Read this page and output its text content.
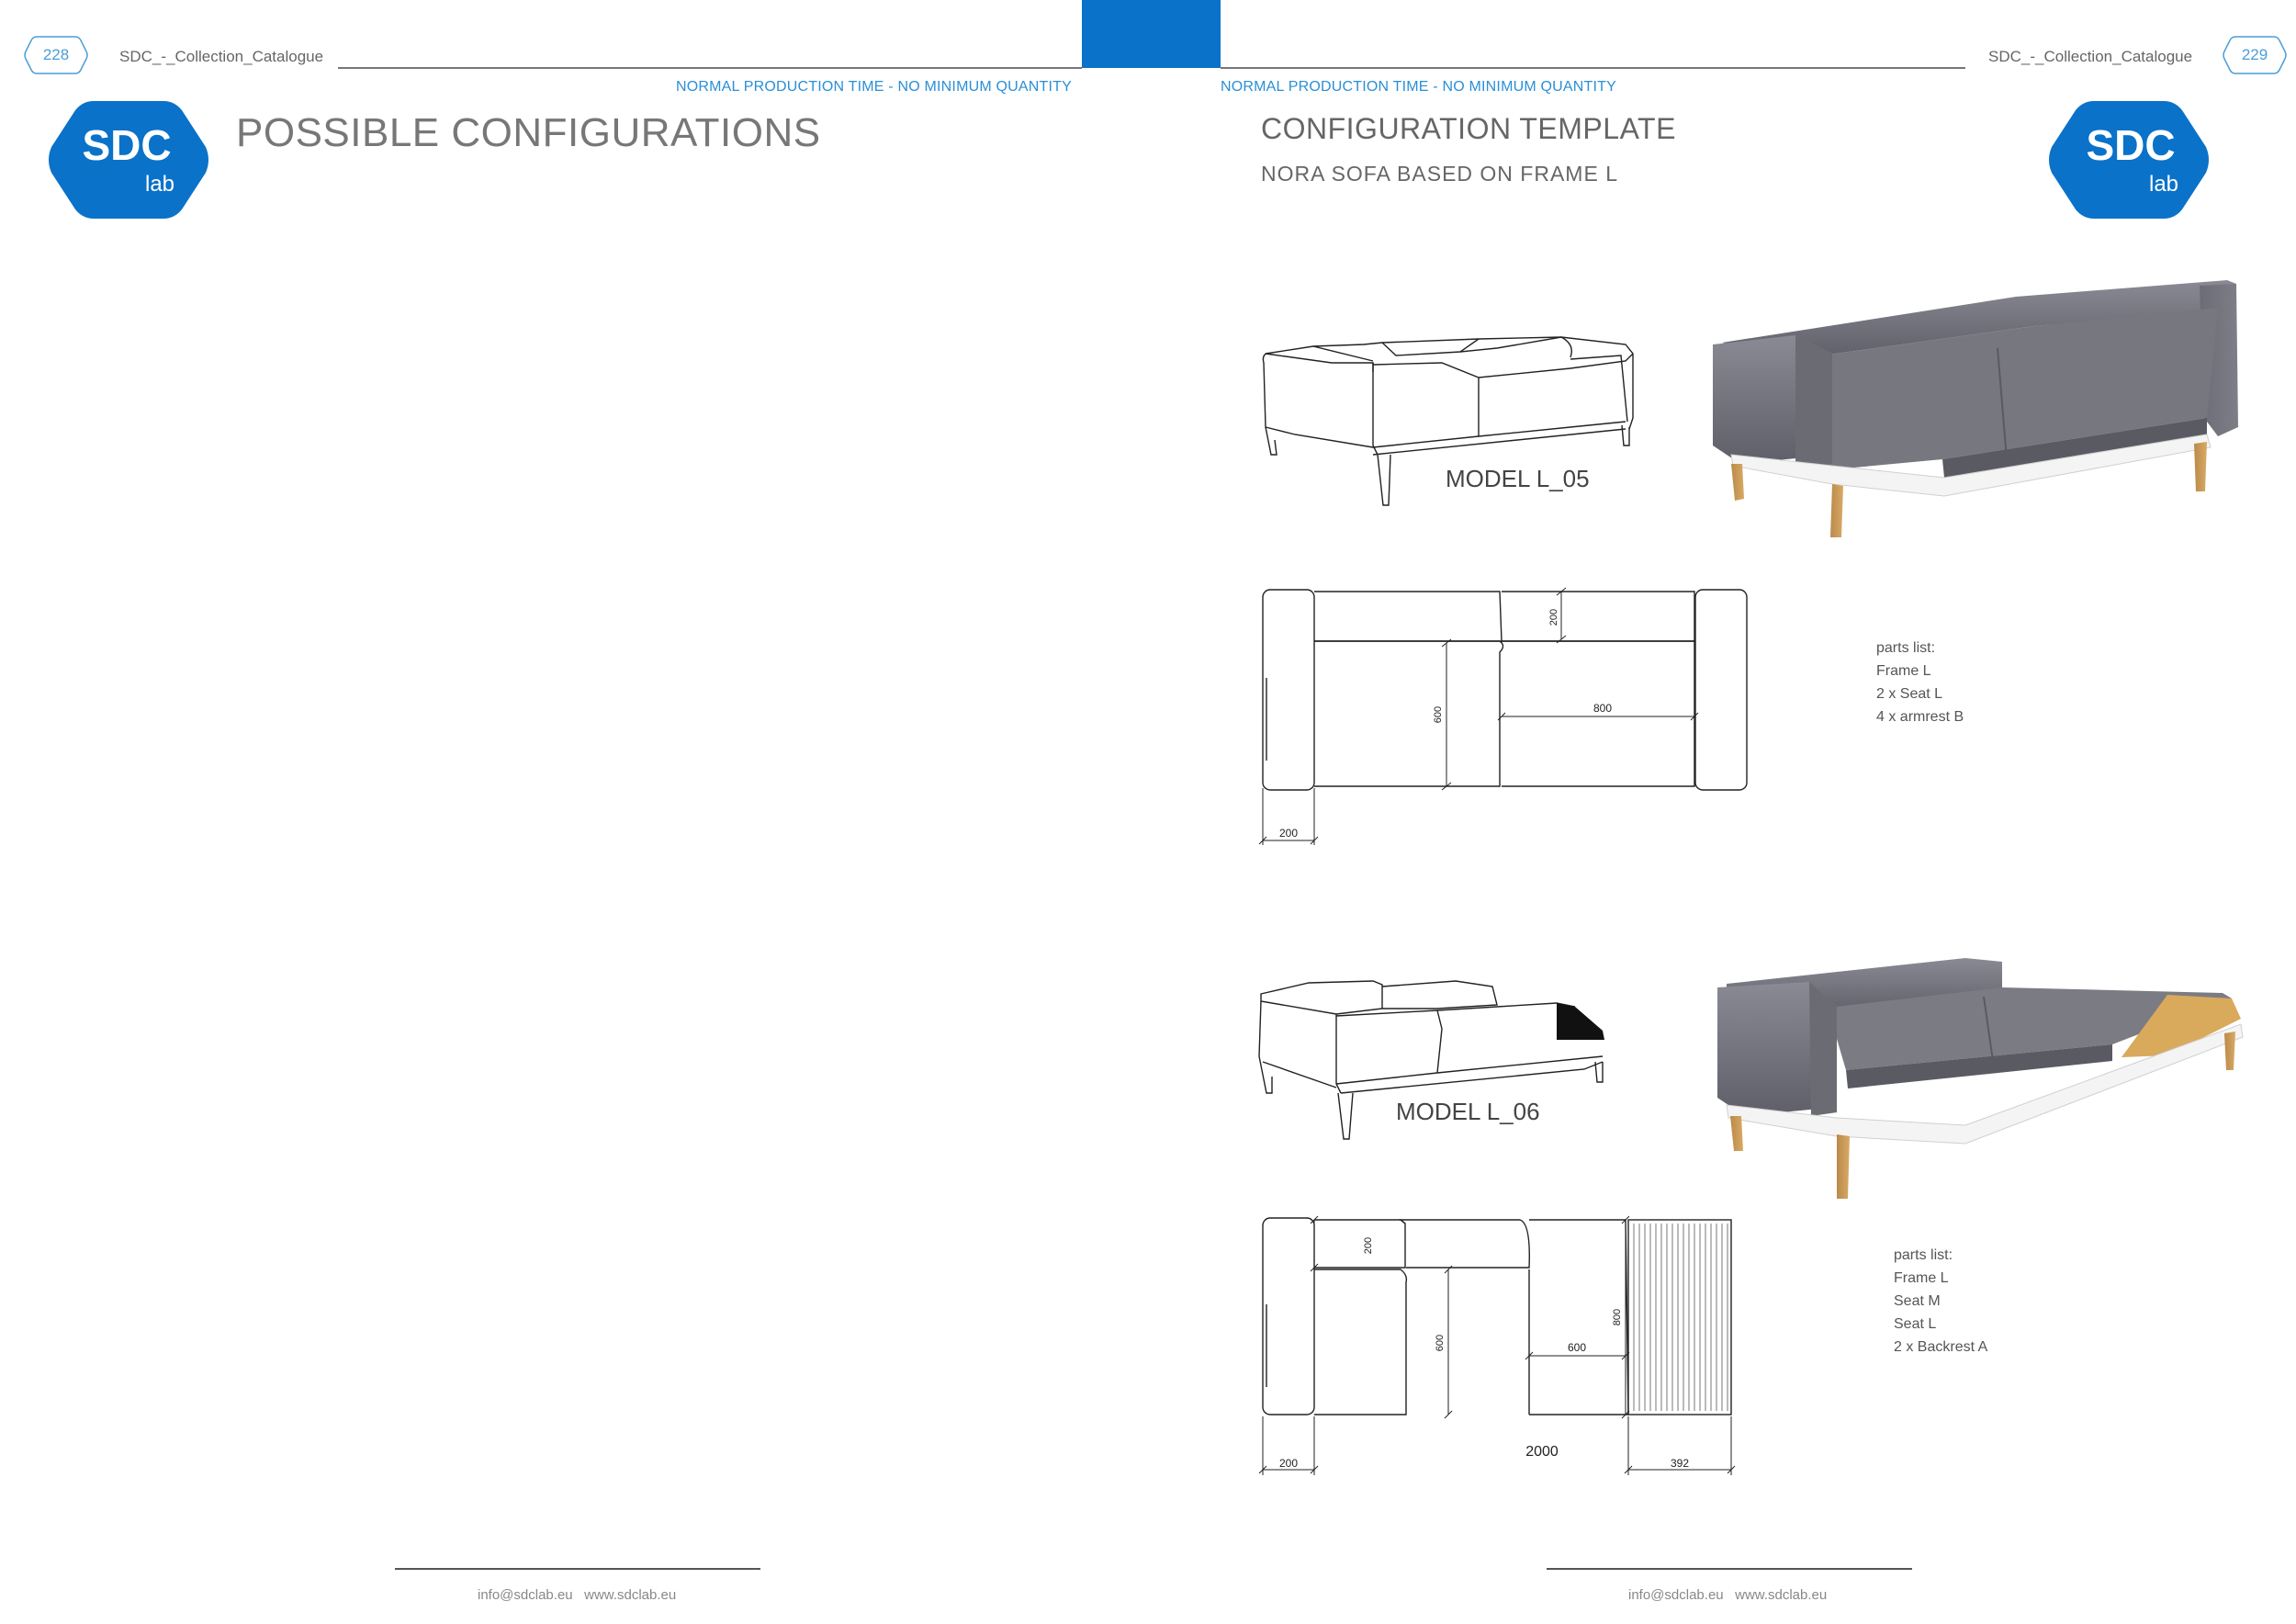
228	SDC_-_Collection_Catalogue
NORMAL PRODUCTION TIME - NO MINIMUM QUANTITY
SDC
lab
POSSIBLE CONFIGURATIONS
info@sdclab.eu www.sdclab.eu
SDC_-_Collection_Catalogue	229
NORMAL PRODUCTION TIME - NO MINIMUM QUANTITY
CONFIGURATION TEMPLATE
NORA SOFA BASED ON FRAME L
SDC
lab
MODEL L_05
200
600	800
200
parts list:
Frame L
2 x Seat L
4 x armrest B
MODEL L_06
200
600	600
800
200
2000
392
parts list:
Frame L
Seat M
Seat L
2 x Backrest A
info@sdclab.eu www.sdclab.eu
